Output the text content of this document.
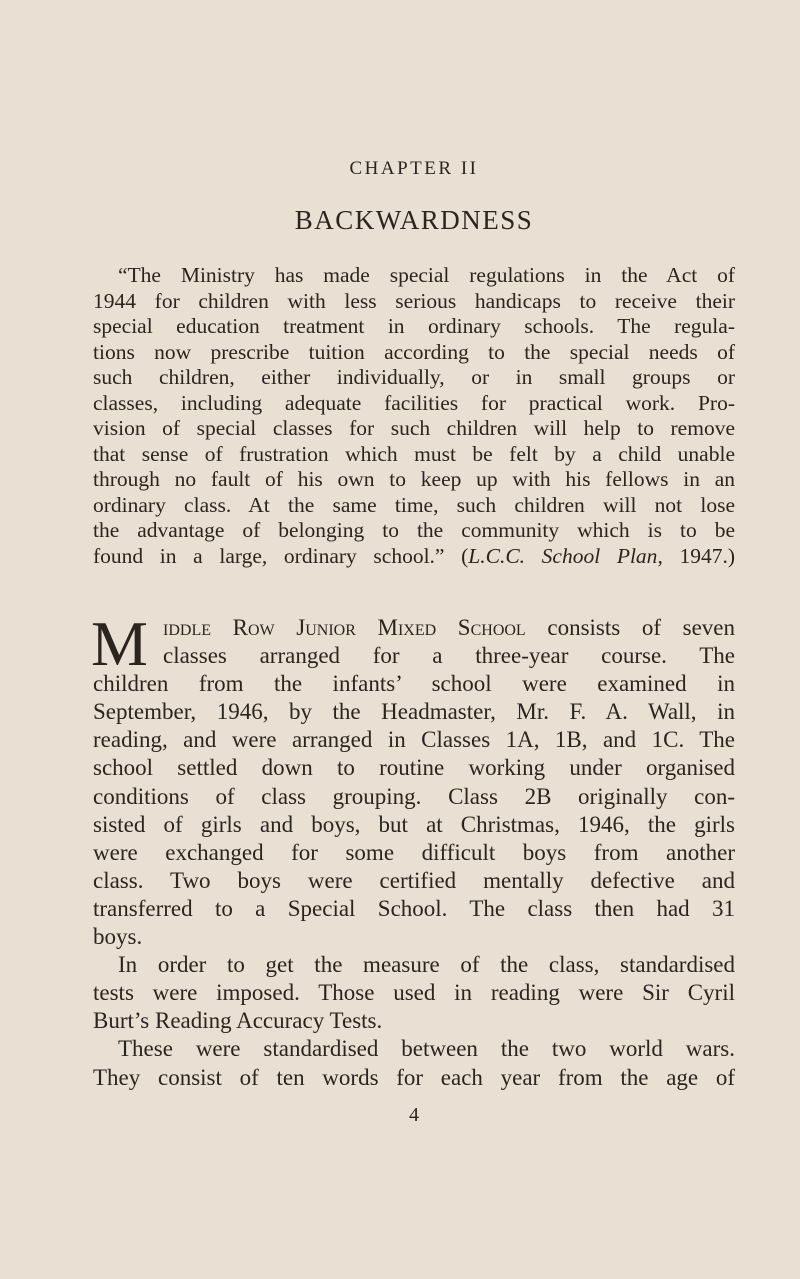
CHAPTER II
BACKWARDNESS
“The Ministry has made special regulations in the Act of
1944 for children with less serious handicaps to receive their
special education treatment in ordinary schools. The regula-
tions now prescribe tuition according to the special needs of
such children, either individually, or in small groups or
classes, including adequate facilities for practical work. Pro-
vision of special classes for such children will help to remove
that sense of frustration which must be felt by a child unable
through no fault of his own to keep up with his fellows in an
ordinary class. At the same time, such children will not lose
the advantage of belonging to the community which is to be
found in a large, ordinary school.” (L.C.C. School Plan, 1947.)
M iddle Row Junior Mixed School consists of seven
classes arranged for a three-year course. The
children from the infants’ school were examined in
September, 1946, by the Headmaster, Mr. F. A. Wall, in
reading, and were arranged in Classes 1A, 1B, and 1C. The
school settled down to routine working under organised
conditions of class grouping. Class 2B originally con-
sisted of girls and boys, but at Christmas, 1946, the girls
were exchanged for some difficult boys from another
class. Two boys were certified mentally defective and
transferred to a Special School. The class then had 31
boys.
In order to get the measure of the class, standardised
tests were imposed. Those used in reading were Sir Cyril
Burt’s Reading Accuracy Tests.
These were standardised between the two world wars.
They consist of ten words for each year from the age of
4
